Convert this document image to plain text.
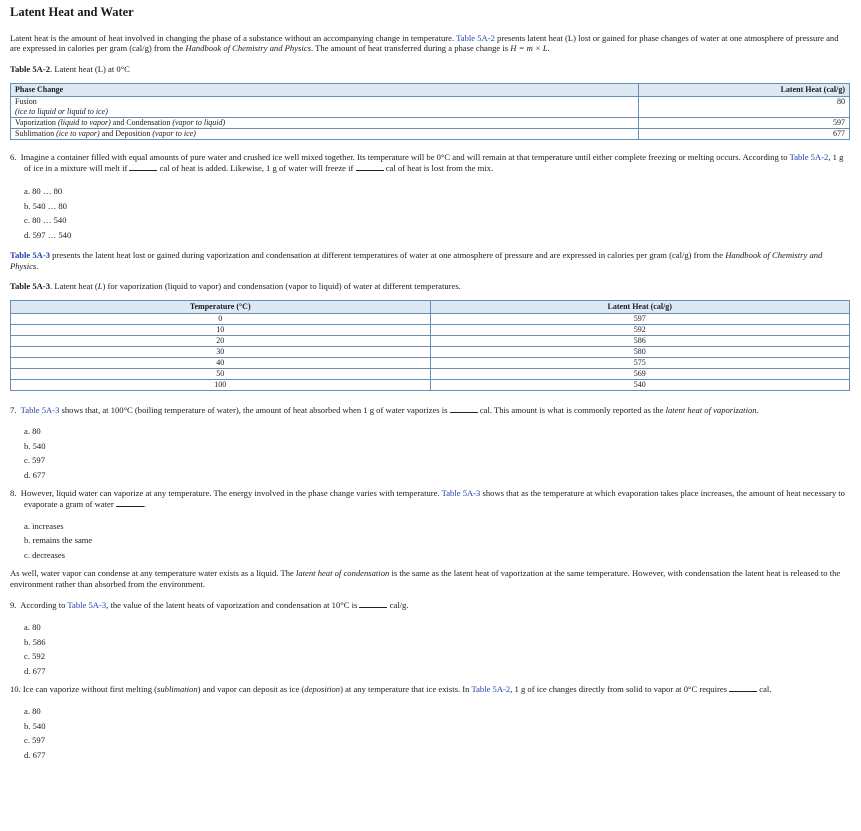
Latent Heat and Water

Latent heat is the amount of heat involved in changing the phase of a substance without an accompanying change in temperature. Table 5A-2 presents latent heat (L) lost or gained for phase changes of water at one atmosphere of pressure and are expressed in calories per gram (cal/g) from the Handbook of Chemistry and Physics. The amount of heat transferred during a phase change is H = m × L.

Table 5A-2. Latent heat (L) at 0°C

Phase Change	Latent Heat (cal/g)
Fusion
(ice to liquid or liquid to ice)	80
Vaporization (liquid to vapor) and Condensation (vapor to liquid)	597
Sublimation (ice to vapor) and Deposition (vapor to ice)	677

6. Imagine a container filled with equal amounts of pure water and crushed ice well mixed together. Its temperature will be 0°C and will remain at that temperature until either complete freezing or melting occurs. According to Table 5A-2, 1 g of ice in a mixture will melt if	cal of heat is added. Likewise, 1 g of water will freeze if	cal of heat is lost from the mix.

a. 80 … 80
b. 540 … 80
c. 80 … 540
d. 597 … 540

Table 5A-3 presents the latent heat lost or gained during vaporization and condensation at different temperatures of water at one atmosphere of pressure and are expressed in calories per gram (cal/g) from the Handbook of Chemistry and Physics.

Table 5A-3. Latent heat (L) for vaporization (liquid to vapor) and condensation (vapor to liquid) of water at different temperatures.

Temperature (°C)	Latent Heat (cal/g)
0	597
10	592
20	586
30	580
40	575
50	569
100	540

7. Table 5A-3 shows that, at 100°C (boiling temperature of water), the amount of heat absorbed when 1 g of water vaporizes is	cal. This amount is what is commonly reported as the latent heat of vaporization.

a. 80
b. 540
c. 597
d. 677

8. However, liquid water can vaporize at any temperature. The energy involved in the phase change varies with temperature. Table 5A-3 shows that as the temperature at which evaporation takes place increases, the amount of heat necessary to evaporate a gram of water	.

a. increases
b. remains the same
c. decreases

As well, water vapor can condense at any temperature water exists as a liquid. The latent heat of condensation is the same as the latent heat of vaporization at the same temperature. However, with condensation the latent heat is released to the environment rather than absorbed from the environment.

9. According to Table 5A-3, the value of the latent heats of vaporization and condensation at 10°C is	cal/g.

a. 80
b. 586
c. 592
d. 677

10. Ice can vaporize without first melting (sublimation) and vapor can deposit as ice (deposition) at any temperature that ice exists. In Table 5A-2, 1 g of ice changes directly from solid to vapor at 0°C requires	cal.

a. 80
b. 540
c. 597
d. 677
